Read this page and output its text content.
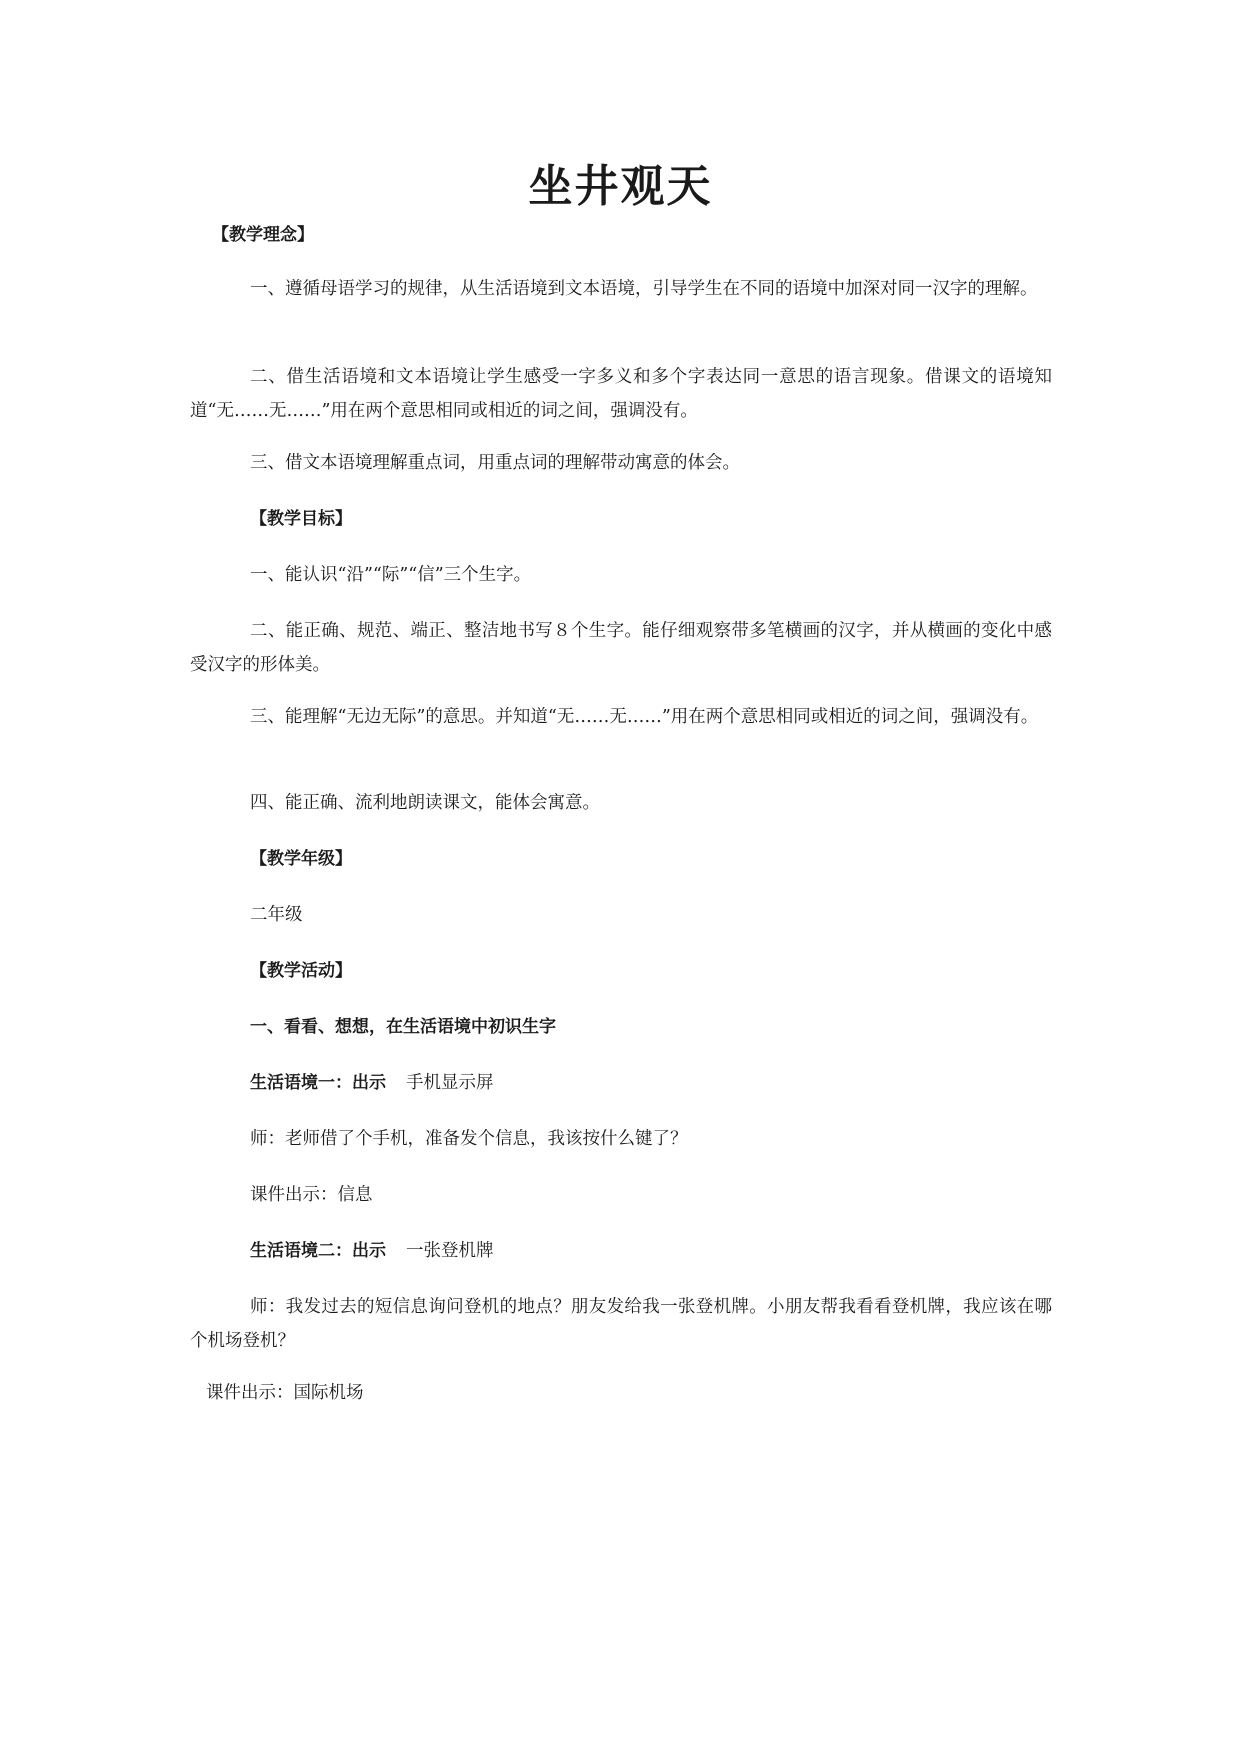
坐井观天
【教学理念】
一、遵循母语学习的规律，从生活语境到文本语境，引导学生在不同的语境中加深对同一汉字的理解。
二、借生活语境和文本语境让学生感受一字多义和多个字表达同一意思的语言现象。借课文的语境知道“无……无……”用在两个意思相同或相近的词之间，强调没有。
三、借文本语境理解重点词，用重点词的理解带动寓意的体会。
【教学目标】
一、能认识“沿”“际”“信”三个生字。
二、能正确、规范、端正、整洁地书写８个生字。能仔细观察带多笔横画的汉字，并从横画的变化中感受汉字的形体美。
三、能理解“无边无际”的意思。并知道“无……无……”用在两个意思相同或相近的词之间，强调没有。
四、能正确、流利地朗读课文，能体会寓意。
【教学年级】
二年级
【教学活动】
一、看看、想想，在生活语境中初识生字
生活语境一：出示 手机显示屏
师：老师借了个手机，准备发个信息，我该按什么键了？
课件出示：信息
生活语境二：出示 一张登机牌
师：我发过去的短信息询问登机的地点？朋友发给我一张登机牌。小朋友帮我看看登机牌，我应该在哪个机场登机？
课件出示：国际机场
